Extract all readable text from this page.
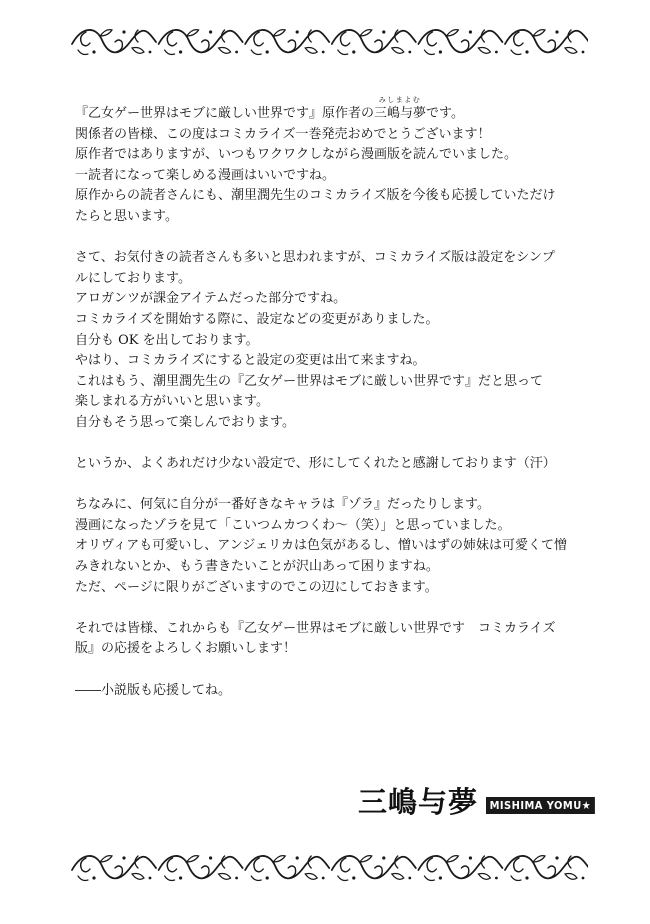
『乙女ゲー世界はモブに厳しい世界です』原作者の三嶋与夢
みしまよむ
です。
関係者の皆様、この度はコミカライズ一巻発売おめでとうございます！
原作者ではありますが、いつもワクワクしながら漫画版を読んでいました。
一読者になって楽しめる漫画はいいですね。
原作からの読者さんにも、潮里潤先生のコミカライズ版を今後も応援していただけ
たらと思います。
さて、お気付きの読者さんも多いと思われますが、コミカライズ版は設定をシンプ
ルにしております。
アロガンツが課金アイテムだった部分ですね。
コミカライズを開始する際に、設定などの変更がありました。
自分も OK を出しております。
やはり、コミカライズにすると設定の変更は出て来ますね。
これはもう、潮里潤先生の『乙女ゲー世界はモブに厳しい世界です』だと思って
楽しまれる方がいいと思います。
自分もそう思って楽しんでおります。
というか、よくあれだけ少ない設定で、形にしてくれたと感謝しております（汗）
ちなみに、何気に自分が一番好きなキャラは『ゾラ』だったりします。
漫画になったゾラを見て「こいつムカつくわ～（笑）」と思っていました。
オリヴィアも可愛いし、アンジェリカは色気があるし、憎いはずの姉妹は可愛くて憎
みきれないとか、もう書きたいことが沢山あって困りますね。
ただ、ページに限りがございますのでこの辺にしておきます。
それでは皆様、これからも『乙女ゲー世界はモブに厳しい世界です　コミカライズ
版』の応援をよろしくお願いします！
――小説版も応援してね。
三嶋与夢	MISHIMA YOMU★
